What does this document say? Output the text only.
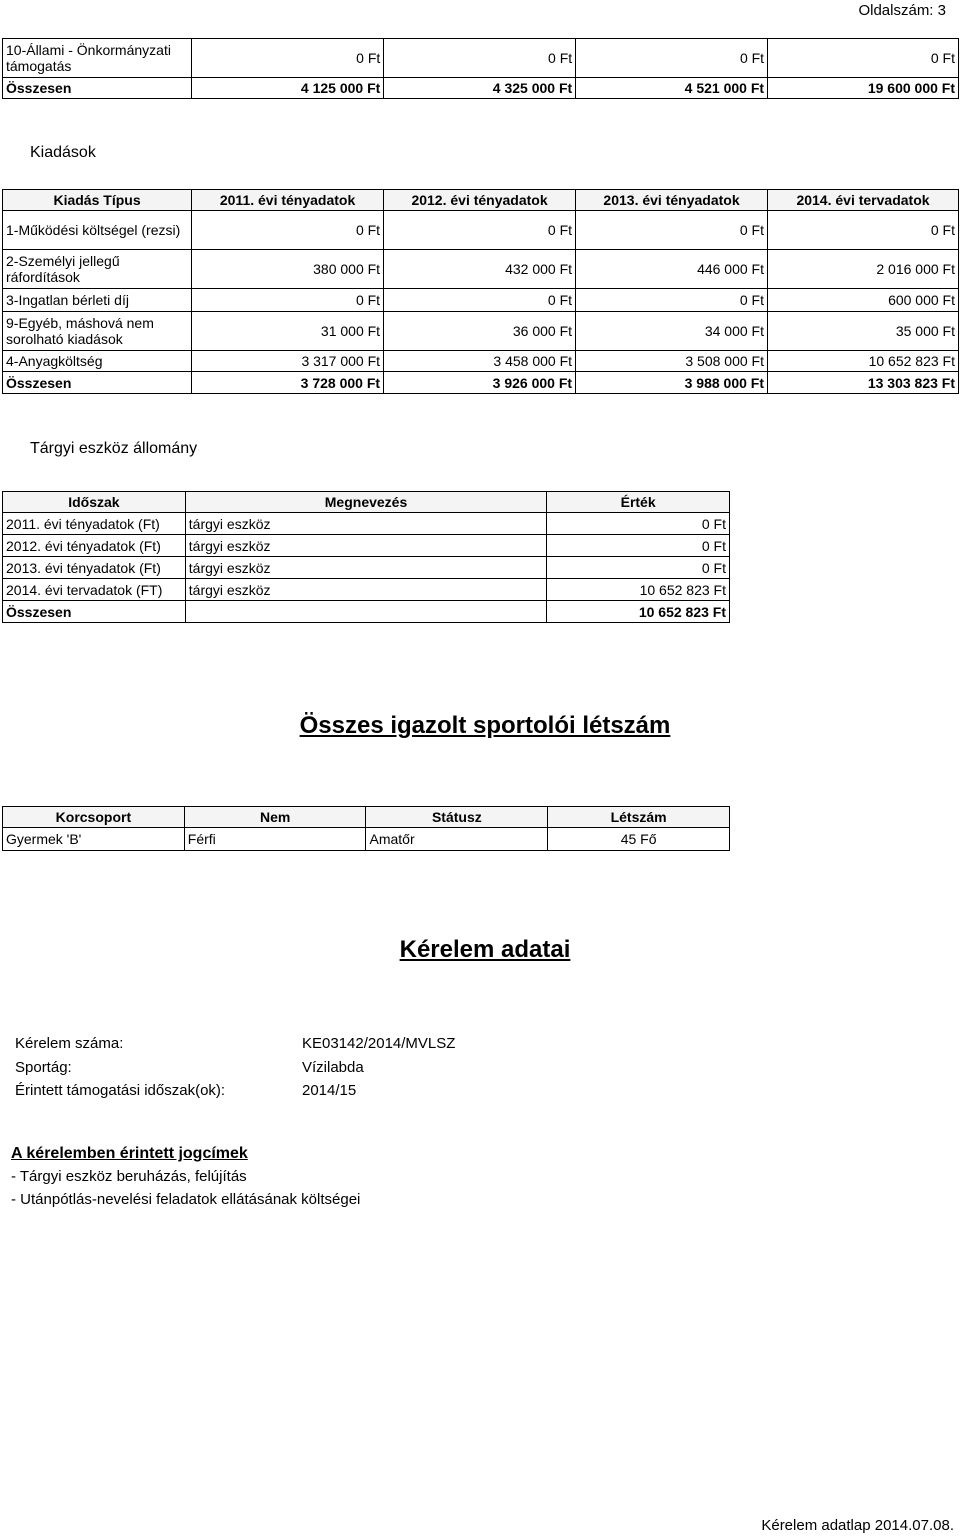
Oldalszám: 3
10-Állami - Önkormányzati támogatás	0 Ft	0 Ft	0 Ft	0 Ft
Összesen	4 125 000 Ft	4 325 000 Ft	4 521 000 Ft	19 600 000 Ft
Kiadások
Kiadás Típus	2011. évi tényadatok	2012. évi tényadatok	2013. évi tényadatok	2014. évi tervadatok
1-Működési költségel (rezsi)	0 Ft	0 Ft	0 Ft	0 Ft
2-Személyi jellegű ráfordítások	380 000 Ft	432 000 Ft	446 000 Ft	2 016 000 Ft
3-Ingatlan bérleti díj	0 Ft	0 Ft	0 Ft	600 000 Ft
9-Egyéb, máshová nem sorolható kiadások	31 000 Ft	36 000 Ft	34 000 Ft	35 000 Ft
4-Anyagköltség	3 317 000 Ft	3 458 000 Ft	3 508 000 Ft	10 652 823 Ft
Összesen	3 728 000 Ft	3 926 000 Ft	3 988 000 Ft	13 303 823 Ft
Tárgyi eszköz állomány
Időszak	Megnevezés	Érték
2011. évi tényadatok (Ft)	tárgyi eszköz	0 Ft
2012. évi tényadatok (Ft)	tárgyi eszköz	0 Ft
2013. évi tényadatok (Ft)	tárgyi eszköz	0 Ft
2014. évi tervadatok (FT)	tárgyi eszköz	10 652 823 Ft
Összesen		10 652 823 Ft
Összes igazolt sportolói létszám
Korcsoport	Nem	Státusz	Létszám
Gyermek 'B'	Férfi	Amatőr	45 Fő
Kérelem adatai
Kérelem száma:	KE03142/2014/MVLSZ
Sportág:	Vízilabda
Érintett támogatási időszak(ok):	2014/15
A kérelemben érintett jogcímek
- Tárgyi eszköz beruházás, felújítás
- Utánpótlás-nevelési feladatok ellátásának költségei
Kérelem adatlap 2014.07.08.
